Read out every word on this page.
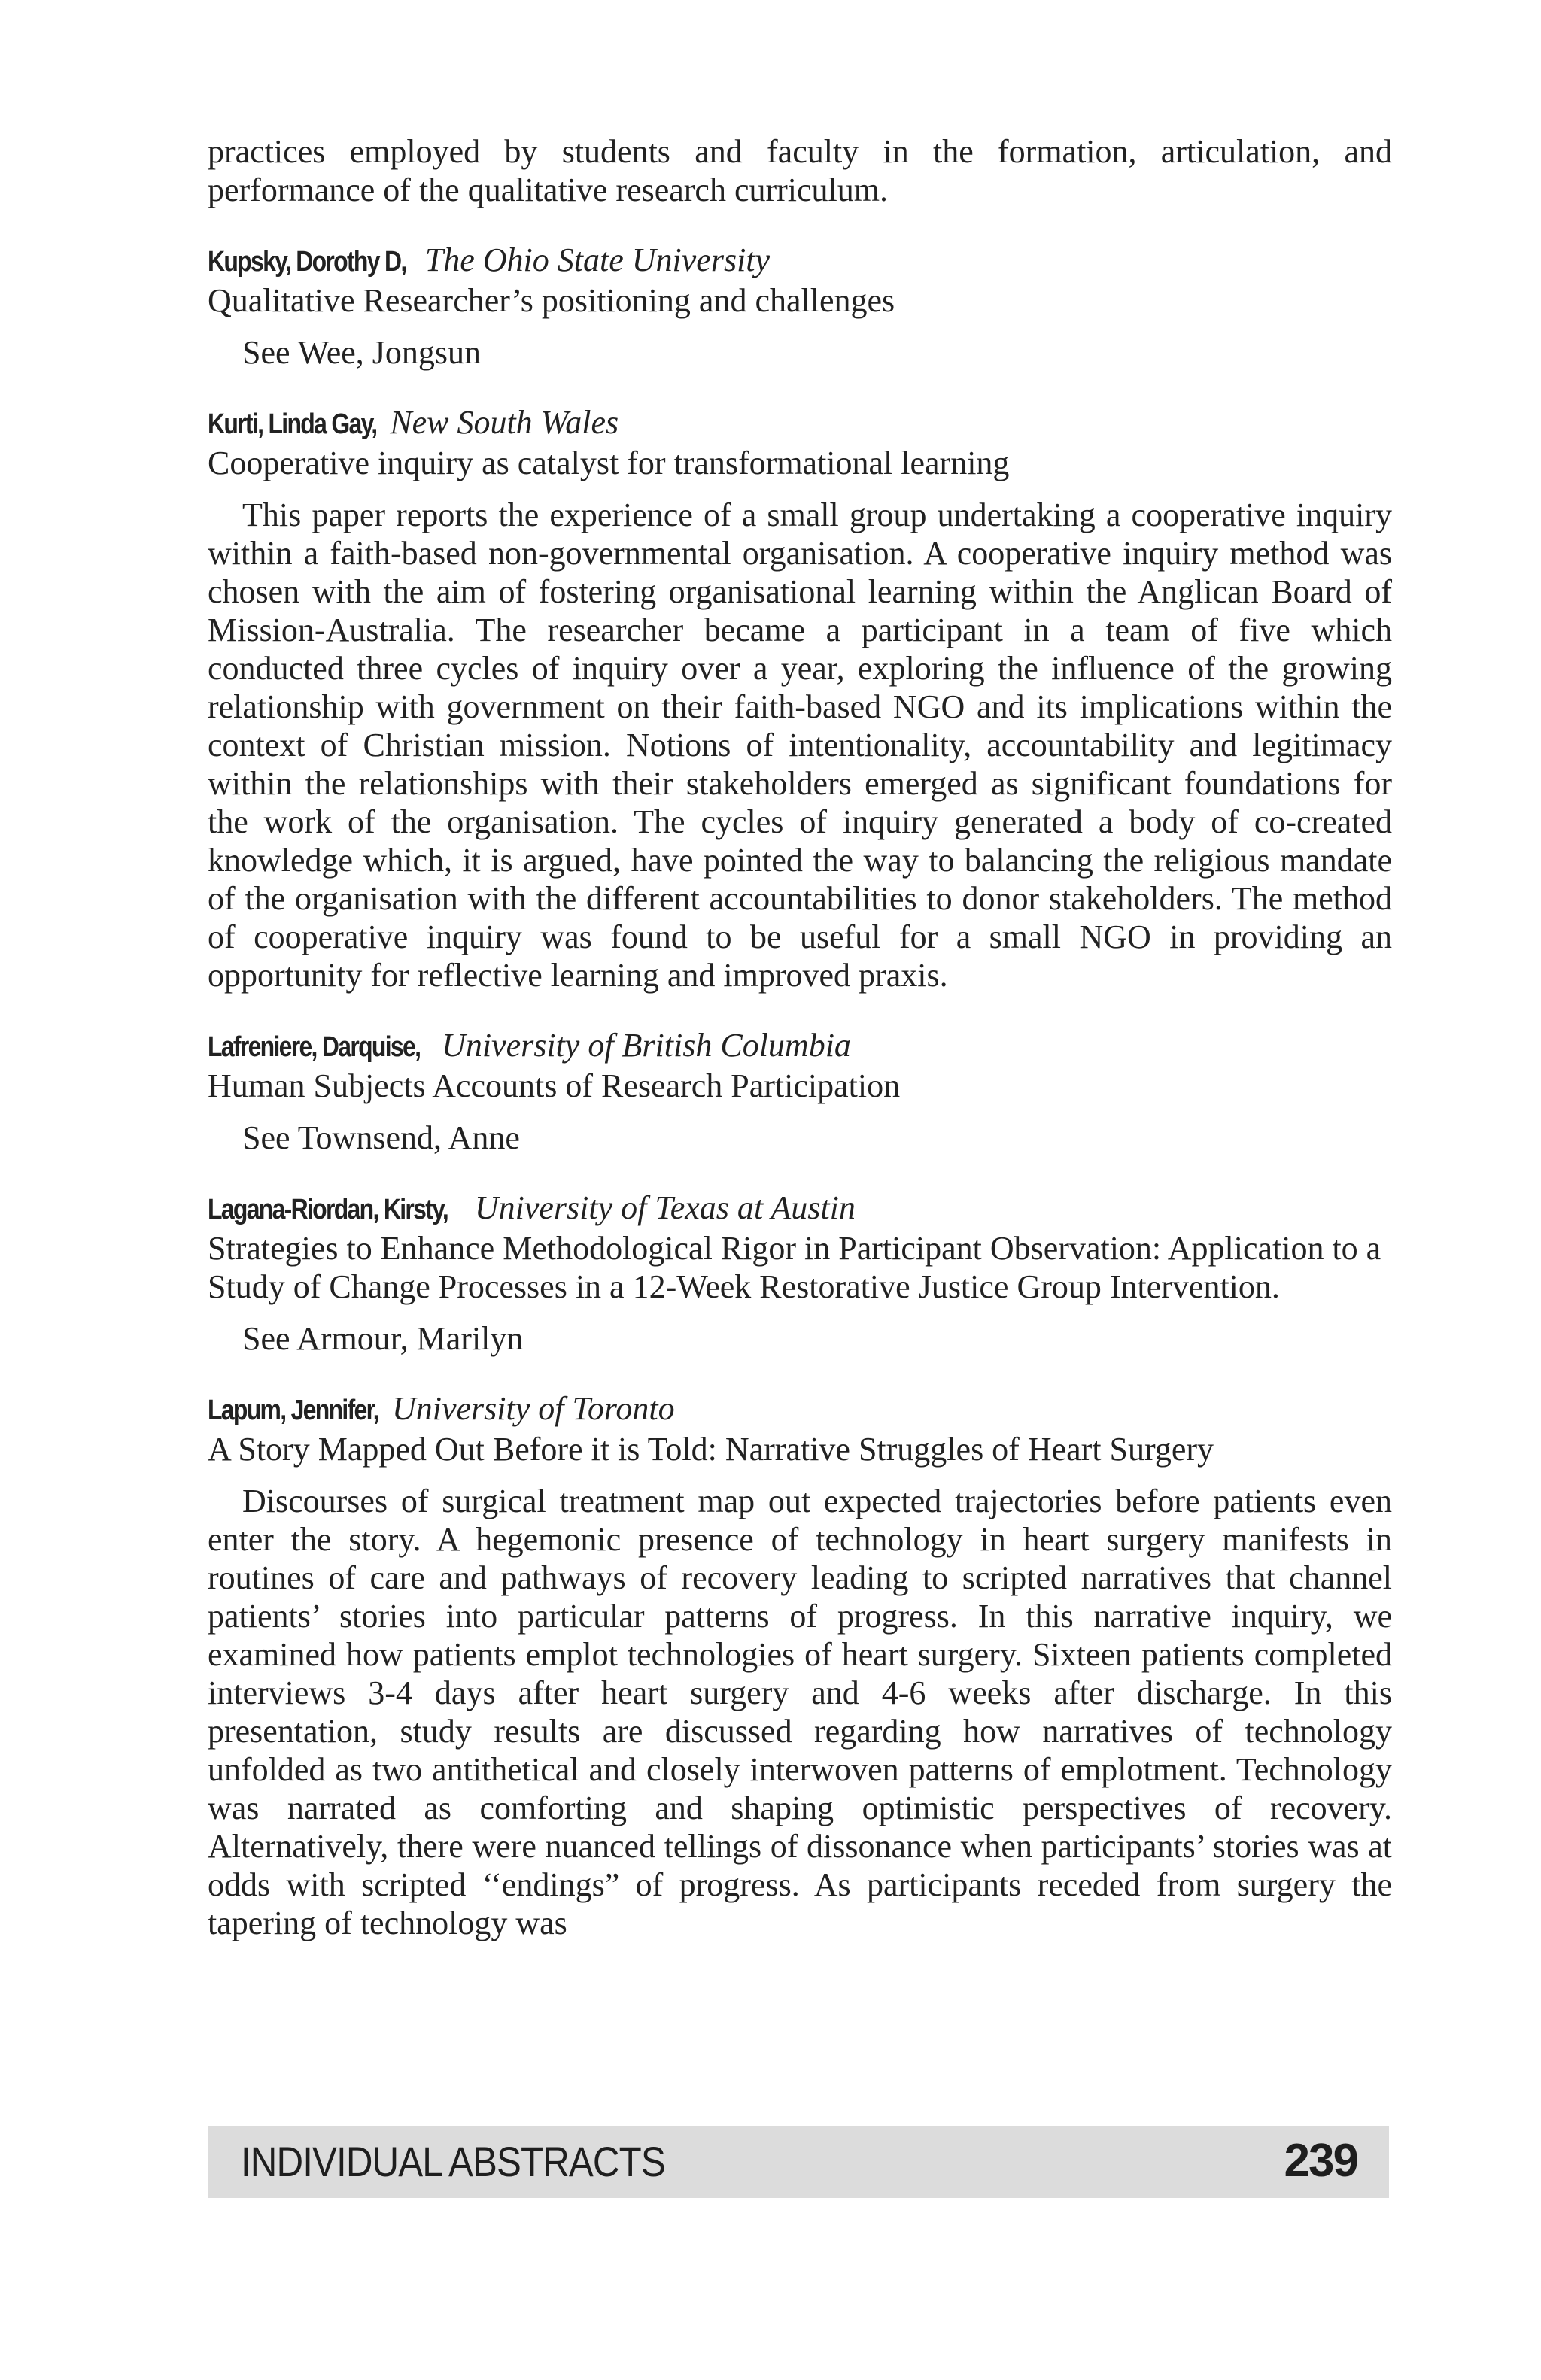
practices employed by students and faculty in the formation, articulation, and performance of the qualitative research curriculum.

Kupsky, Dorothy D, The Ohio State University

Qualitative Researcher’s positioning and challenges

See Wee, Jongsun

Kurti, Linda Gay, New South Wales

Cooperative inquiry as catalyst for transformational learning

This paper reports the experience of a small group undertaking a cooperative inquiry within a faith-based non-governmental organisation. A cooperative inquiry method was chosen with the aim of fostering organisational learning within the Anglican Board of Mission-Australia. The researcher became a participant in a team of five which conducted three cycles of inquiry over a year, exploring the influence of the growing relationship with government on their faith-based NGO and its implications within the context of Christian mission. Notions of intentionality, accountability and legitimacy within the relationships with their stakeholders emerged as significant foundations for the work of the organisation. The cycles of inquiry generated a body of co-created knowledge which, it is argued, have pointed the way to balancing the religious mandate of the organisation with the different accountabilities to donor stakeholders. The method of cooperative inquiry was found to be useful for a small NGO in providing an opportunity for reflective learning and improved praxis.

Lafreniere, Darquise, University of British Columbia

Human Subjects Accounts of Research Participation

See Townsend, Anne

Lagana-Riordan, Kirsty, University of Texas at Austin

Strategies to Enhance Methodological Rigor in Participant Observation: Application to a Study of Change Processes in a 12-Week Restorative Justice Group Intervention.

See Armour, Marilyn

Lapum, Jennifer, University of Toronto

A Story Mapped Out Before it is Told: Narrative Struggles of Heart Surgery

Discourses of surgical treatment map out expected trajectories before patients even enter the story. A hegemonic presence of technology in heart surgery manifests in routines of care and pathways of recovery leading to scripted narratives that channel patients’ stories into particular patterns of progress. In this narrative inquiry, we examined how patients emplot technologies of heart surgery. Sixteen patients completed interviews 3-4 days after heart surgery and 4-6 weeks after discharge. In this presentation, study results are discussed regarding how narratives of technology unfolded as two antithetical and closely interwoven patterns of emplotment. Technology was narrated as comforting and shaping optimistic perspectives of recovery. Alternatively, there were nuanced tellings of dissonance when participants’ stories was at odds with scripted ‘‘endings” of progress. As participants receded from surgery the tapering of technology was

INDIVIDUAL ABSTRACTS	239
